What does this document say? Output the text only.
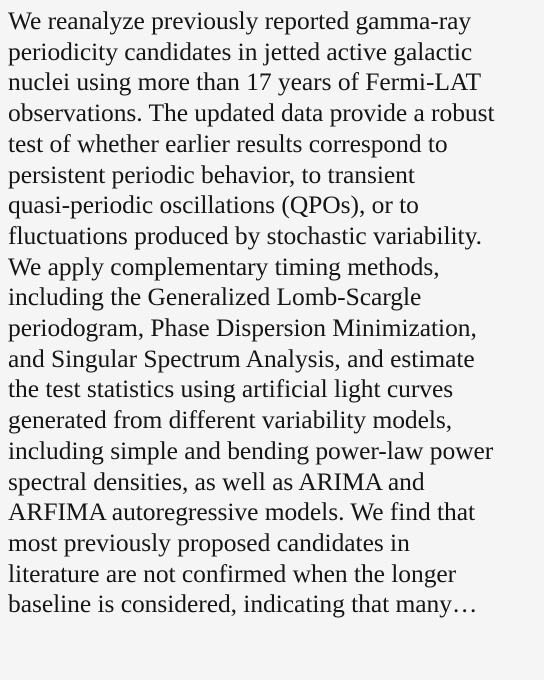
We reanalyze previously reported gamma-ray
periodicity candidates in jetted active galactic
nuclei using more than 17 years of Fermi-LAT
observations. The updated data provide a robust
test of whether earlier results correspond to
persistent periodic behavior, to transient
quasi-periodic oscillations (QPOs), or to
fluctuations produced by stochastic variability.
We apply complementary timing methods,
including the Generalized Lomb-Scargle
periodogram, Phase Dispersion Minimization,
and Singular Spectrum Analysis, and estimate
the test statistics using artificial light curves
generated from different variability models,
including simple and bending power-law power
spectral densities, as well as ARIMA and
ARFIMA autoregressive models. We find that
most previously proposed candidates in
literature are not confirmed when the longer
baseline is considered, indicating that many…
